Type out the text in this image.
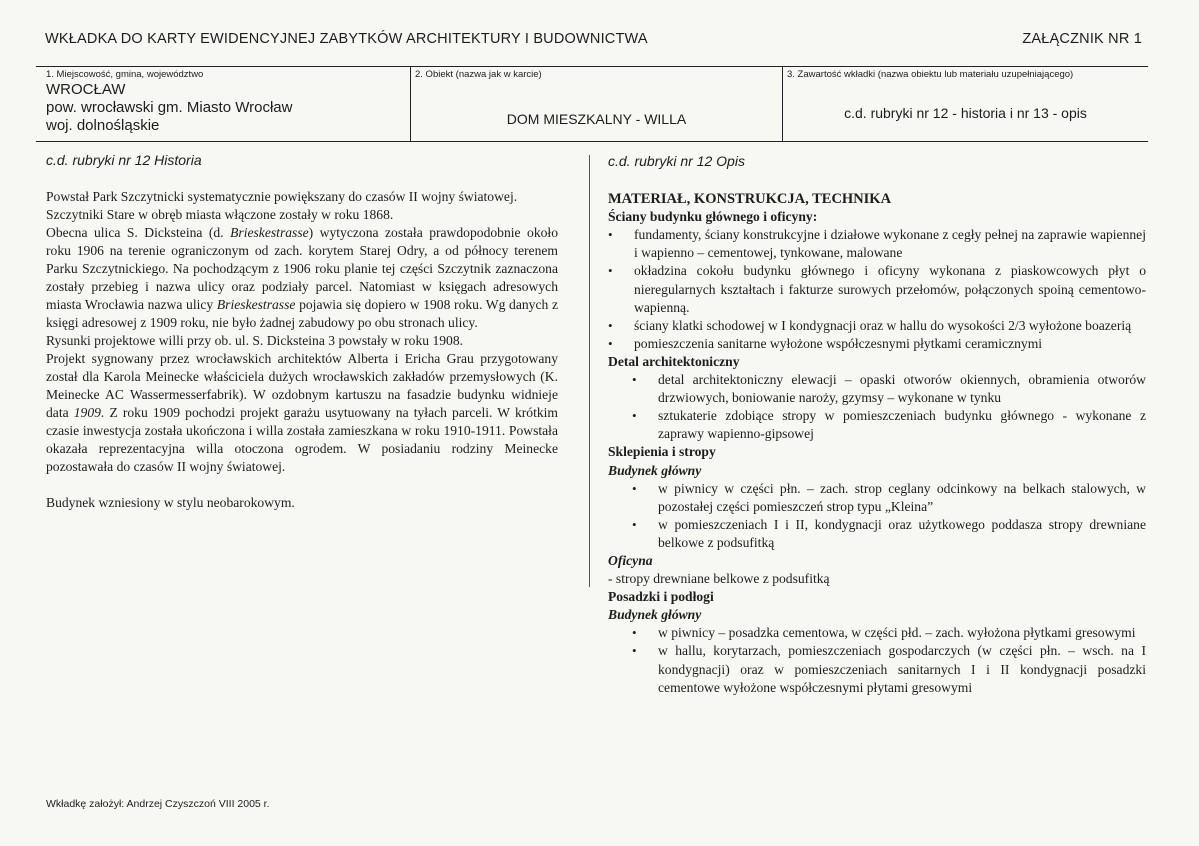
WKŁADKA DO KARTY EWIDENCYJNEJ ZABYTKÓW ARCHITEKTURY I BUDOWNICTWA	ZAŁĄCZNIK NR 1
1. Miejscowość, gmina, województwo
WROCŁAW
pow. wrocławski gm. Miasto Wrocław
woj. dolnośląskie
2. Obiekt (nazwa jak w karcie)
DOM MIESZKALNY - WILLA
3. Zawartość wkładki (nazwa obiektu lub materiału uzupełniającego)
c.d. rubryki nr 12 - historia i nr 13 - opis
c.d. rubryki nr 12 Historia

Powstał Park Szczytnicki systematycznie powiększany do czasów II wojny światowej.

Szczytniki Stare w obręb miasta włączone zostały w roku 1868.

Obecna ulica S. Dicksteina (d. Brieskestrasse) wytyczona została prawdopodobnie około roku 1906 na terenie ograniczonym od zach. korytem Starej Odry, a od północy terenem Parku Szczytnickiego. Na pochodzącym z 1906 roku planie tej części Szczytnik zaznaczona zostały przebieg i nazwa ulicy oraz podziały parcel. Natomiast w księgach adresowych miasta Wrocławia nazwa ulicy Brieskestrasse pojawia się dopiero w 1908 roku. Wg danych z księgi adresowej z 1909 roku, nie było żadnej zabudowy po obu stronach ulicy.

Rysunki projektowe willi przy ob. ul. S. Dicksteina 3 powstały w roku 1908.

Projekt sygnowany przez wrocławskich architektów Alberta i Ericha Grau przygotowany został dla Karola Meinecke właściciela dużych wrocławskich zakładów przemysłowych (K. Meinecke AC Wassermesserfabrik). W ozdobnym kartuszu na fasadzie budynku widnieje data 1909. Z roku 1909 pochodzi projekt garażu usytuowany na tyłach parceli. W krótkim czasie inwestycja została ukończona i willa została zamieszkana w roku 1910-1911. Powstała okazała reprezentacyjna willa otoczona ogrodem. W posiadaniu rodziny Meinecke pozostawała do czasów II wojny światowej.

Budynek wzniesiony w stylu neobarokowym.

c.d. rubryki nr 12 Opis
MATERIAŁ, KONSTRUKCJA, TECHNIKA
Ściany budynku głównego i oficyny:
• fundamenty, ściany konstrukcyjne i działowe wykonane z cegły pełnej na zaprawie wapiennej i wapienno – cementowej, tynkowane, malowane
• okładzina cokołu budynku głównego i oficyny wykonana z piaskowcowych płyt o nieregularnych kształtach i fakturze surowych przełomów, połączonych spoiną cementowo-wapienną.
• ściany klatki schodowej w I kondygnacji oraz w hallu do wysokości 2/3 wyłożone boazerią
• pomieszczenia sanitarne wyłożone współczesnymi płytkami ceramicznymi
Detal architektoniczny
• detal architektoniczny elewacji – opaski otworów okiennych, obramienia otworów drzwiowych, boniowanie naroży, gzymsy – wykonane w tynku
• sztukaterie zdobiące stropy w pomieszczeniach budynku głównego - wykonane z zaprawy wapienno-gipsowej
Sklepienia i stropy
Budynek główny
• w piwnicy w części płn. – zach. strop ceglany odcinkowy na belkach stalowych, w pozostałej części pomieszczeń strop typu „Kleina”
• w pomieszczeniach I i II, kondygnacji oraz użytkowego poddasza stropy drewniane belkowe z podsufitką
Oficyna
- stropy drewniane belkowe z podsufitką
Posadzki i podłogi
Budynek główny
• w piwnicy – posadzka cementowa, w części płd. – zach. wyłożona płytkami gresowymi
• w hallu, korytarzach, pomieszczeniach gospodarczych (w części płn. – wsch. na I kondygnacji) oraz w pomieszczeniach sanitarnych I i II kondygnacji posadzki cementowe wyłożone współczesnymi płytami gresowymi
Wkładkę założył: Andrzej Czyszczoń VIII 2005 r.
